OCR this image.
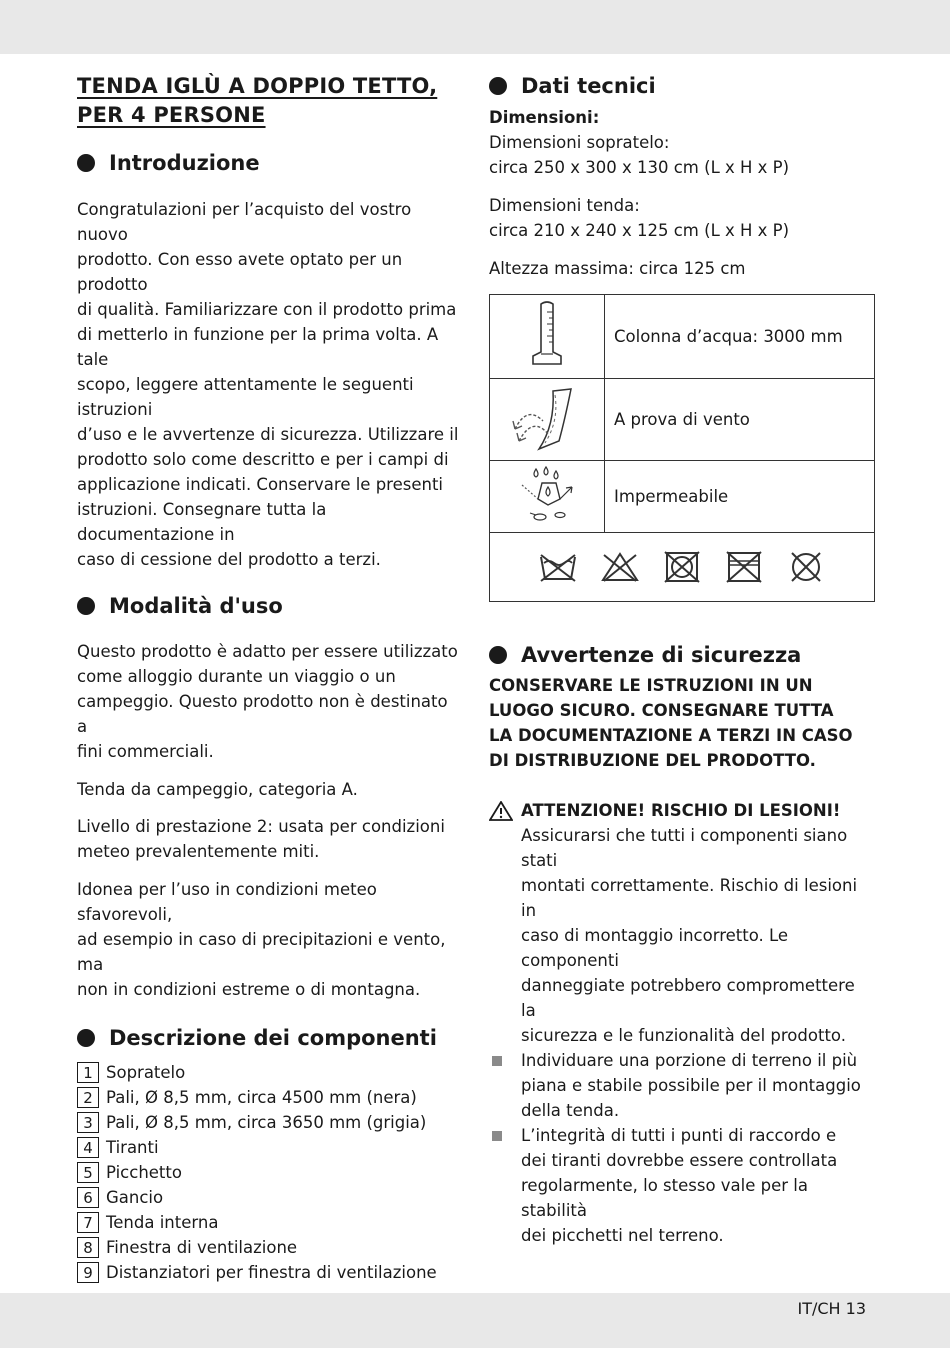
TENDA IGLÙ A DOPPIO TETTO,
PER 4 PERSONE
Introduzione
Congratulazioni per l’acquisto del vostro nuovo
prodotto. Con esso avete optato per un prodotto
di qualità. Familiarizzare con il prodotto prima
di metterlo in funzione per la prima volta. A tale
scopo, leggere attentamente le seguenti istruzioni
d’uso e le avvertenze di sicurezza. Utilizzare il
prodotto solo come descritto e per i campi di
applicazione indicati. Conservare le presenti
istruzioni. Consegnare tutta la documentazione in
caso di cessione del prodotto a terzi.
Modalità d'uso
Questo prodotto è adatto per essere utilizzato
come alloggio durante un viaggio o un
campeggio. Questo prodotto non è destinato a
fini commerciali.
Tenda da campeggio, categoria A.
Livello di prestazione 2: usata per condizioni
meteo prevalentemente miti.
Idonea per l’uso in condizioni meteo sfavorevoli,
ad esempio in caso di precipitazioni e vento, ma
non in condizioni estreme o di montagna.
Descrizione dei componenti
1 Sopratelo
2 Pali, Ø 8,5 mm, circa 4500 mm (nera)
3 Pali, Ø 8,5 mm, circa 3650 mm (grigia)
4 Tiranti
5 Picchetto
6 Gancio
7 Tenda interna
8 Finestra di ventilazione
9 Distanziatori per finestra di ventilazione
Dati tecnici
Dimensioni:
Dimensioni sopratelo:
circa 250 x 300 x 130 cm (L x H x P)
Dimensioni tenda:
circa 210 x 240 x 125 cm (L x H x P)
Altezza massima: circa 125 cm
	Colonna d’acqua: 3000 mm
	A prova di vento
	Impermeabile

Avvertenze di sicurezza
CONSERVARE LE ISTRUZIONI IN UN
LUOGO SICURO. CONSEGNARE TUTTA
LA DOCUMENTAZIONE A TERZI IN CASO
DI DISTRIBUZIONE DEL PRODOTTO.
ATTENZIONE! RISCHIO DI LESIONI!
Assicurarsi che tutti i componenti siano stati
montati correttamente. Rischio di lesioni in
caso di montaggio incorretto. Le componenti
danneggiate potrebbero compromettere la
sicurezza e le funzionalità del prodotto.
Individuare una porzione di terreno il più
piana e stabile possibile per il montaggio
della tenda.
L’integrità di tutti i punti di raccordo e
dei tiranti dovrebbe essere controllata
regolarmente, lo stesso vale per la stabilità
dei picchetti nel terreno.
IT/CH 13
